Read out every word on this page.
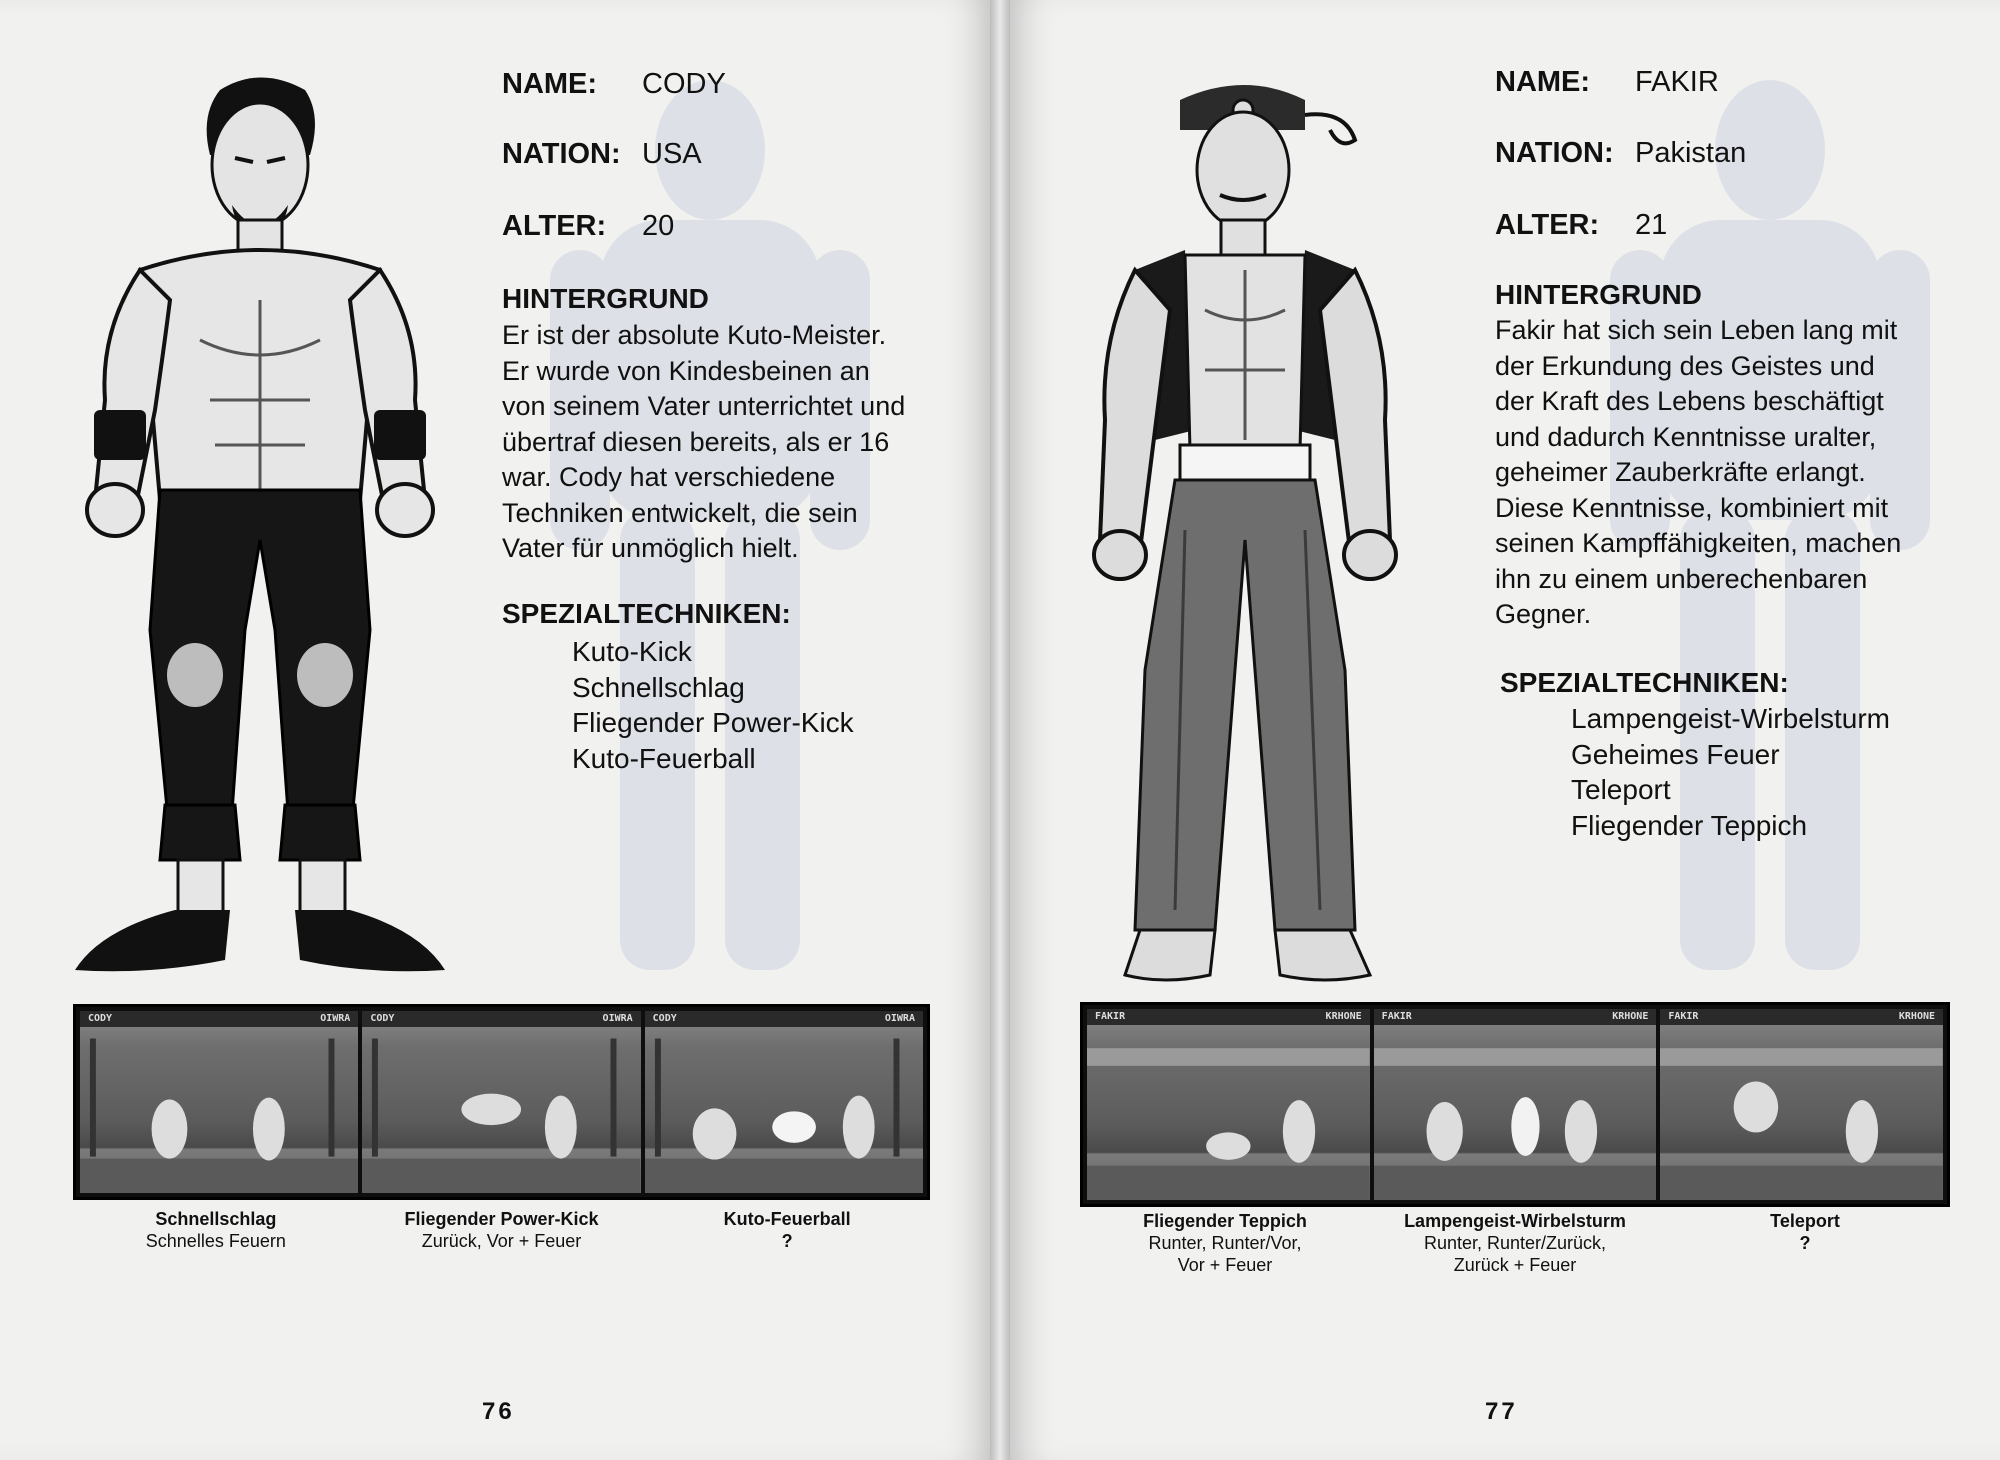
NAME: CODY
NATION: USA
ALTER: 20
HINTERGRUND

Er ist der absolute Kuto-Meister.

Er wurde von Kindesbeinen an

von seinem Vater unterrichtet und

übertraf diesen bereits, als er 16

war. Cody hat verschiedene

Techniken entwickelt, die sein

Vater für unmöglich hielt.

SPEZIALTECHNIKEN:
Kuto-Kick
Schnellschlag
Fliegender Power-Kick
Kuto-Feuerball
CODY	OIWRA CODY	OIWRA CODY	OIWRA
Schnellschlag
Schnelles Feuern
Fliegender Power-Kick
Zurück, Vor + Feuer
Kuto-Feuerball
?
76
NAME: FAKIR
NATION: Pakistan
ALTER: 21
HINTERGRUND

Fakir hat sich sein Leben lang mit

der Erkundung des Geistes und

der Kraft des Lebens beschäftigt

und dadurch Kenntnisse uralter,

geheimer Zauberkräfte erlangt.

Diese Kenntnisse, kombiniert mit

seinen Kampffähigkeiten, machen

ihn zu einem unberechenbaren

Gegner.

SPEZIALTECHNIKEN:
Lampengeist-Wirbelsturm
Geheimes Feuer
Teleport
Fliegender Teppich
FAKIR	KRHONE FAKIR	KRHONE FAKIR	KRHONE
Fliegender Teppich
Runter, Runter/Vor,
Vor + Feuer
Lampengeist-Wirbelsturm
Runter, Runter/Zurück,
Zurück + Feuer
Teleport
?
77
